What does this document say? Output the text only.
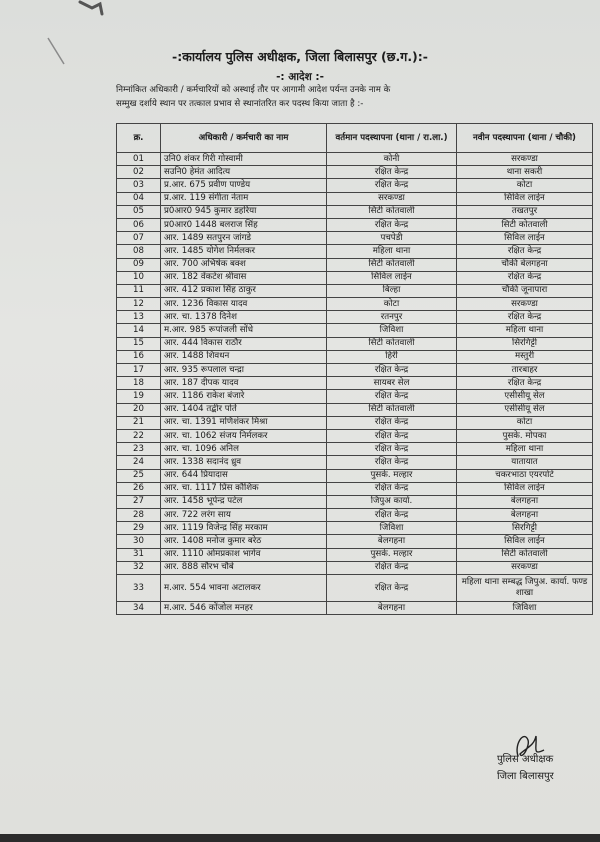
-:कार्यालय पुलिस अधीक्षक, जिला बिलासपुर (छ.ग.):-
-: आदेश :-
निम्नांकित अधिकारी / कर्मचारियों को अस्थाई तौर पर आगामी आदेश पर्यन्त उनके नाम के
सम्मुख दर्शाये स्थान पर तत्काल प्रभाव से स्थानांतरित कर पदस्थ किया जाता है :-
क्र.	अधिकारी / कर्मचारी का नाम	वर्तमान पदस्थापना (थाना / रा.ला.)	नवीन पदस्थापना (थाना / चौकी)
01	उनि0 शंकर गिरी गोस्वामी	कोनी	सरकण्डा
02	सउनि0 हेमंत आदित्य	रक्षित केन्द्र	थाना सकरी
03	प्र.आर. 675 प्रवीण पाण्डेय	रक्षित केन्द्र	कोटा
04	प्र.आर. 119 संगीता नेताम	सरकण्डा	सिविल लाईन
05	प्र0आर0 945 कुमार डहरिया	सिटी कोतवाली	तखतपुर
06	प्र0आर0 1448 बलराज सिंह	रक्षित केन्द्र	सिटी कोतवाली
07	आर. 1489 सतपुरन जांगडे	पचपेडी	सिविल लाईन
08	आर. 1485 योगेश निर्मलकर	महिला थाना	रक्षित केन्द्र
09	आर. 700 अभिषेक बक्श	सिटी कोतवाली	चौकी बेलगहना
10	आर. 182 वेंकटेश श्रीवास	सिविल लाईन	रक्षित केन्द्र
11	आर. 412 प्रकाश सिंह ठाकुर	बिल्हा	चौकी जूनापारा
12	आर. 1236 विकास यादव	कोटा	सरकण्डा
13	आर. चा. 1378 दिनेश	रतनपुर	रक्षित केन्द्र
14	म.आर. 985 रूपांजली सोंधे	जिविशा	महिला थाना
15	आर. 444 विकास राठौर	सिटी कोतवाली	सिरगिट्टी
16	आर. 1488 शिवधन	हिर्री	मस्तुरी
17	आर. 935 रूपलाल चन्द्रा	रक्षित केन्द्र	तारबाहर
18	आर. 187 दीपक यादव	सायबर सेल	रक्षित केन्द्र
19	आर. 1186 राकेश बंजारे	रक्षित केन्द्र	एसीसीयू सेल
20	आर. 1404 तद्बीर पोर्ते	सिटी कोतवाली	एसीसीयू सेल
21	आर. चा. 1391 मणिशंकर मिश्रा	रक्षित केन्द्र	कोटा
22	आर. चा. 1062 संजय निर्मलकर	रक्षित केन्द्र	पुसके. मोपका
23	आर. चा. 1096 अनिल	रक्षित केन्द्र	महिला थाना
24	आर. 1338 सदानंद ध्रुव	रक्षित केन्द्र	यातायात
25	आर. 644 प्रियादास	पुसके. मल्हार	चकरभाठा एयरपोर्ट
26	आर. चा. 1117 प्रिंस कौशिक	रक्षित केन्द्र	सिविल लाईन
27	आर. 1458 भूपेन्द्र पटेल	जिपुअ कार्या.	बेलगहना
28	आर. 722 लरंग साय	रक्षित केन्द्र	बेलगहना
29	आर. 1119 विजेन्द्र सिंह मरकाम	जिविशा	सिरगिट्टी
30	आर. 1408 मनोज कुमार बरेठ	बेलगहना	सिविल लाईन
31	आर. 1110 ओमप्रकाश भार्गव	पुसके. मल्हार	सिटी कोतवाली
32	आर. 888 सौरभ चौबे	रक्षित केन्द्र	सरकण्डा
33	म.आर. 554 भावना अटालकर	रक्षित केन्द्र	महिला थाना सम्बद्ध जिपुअ. कार्या. फण्ड शाखा
34	म.आर. 546 कोंजोल मनहर	बेलगहना	जिविशा
पुलिस अधीक्षक
जिला बिलासपुर
